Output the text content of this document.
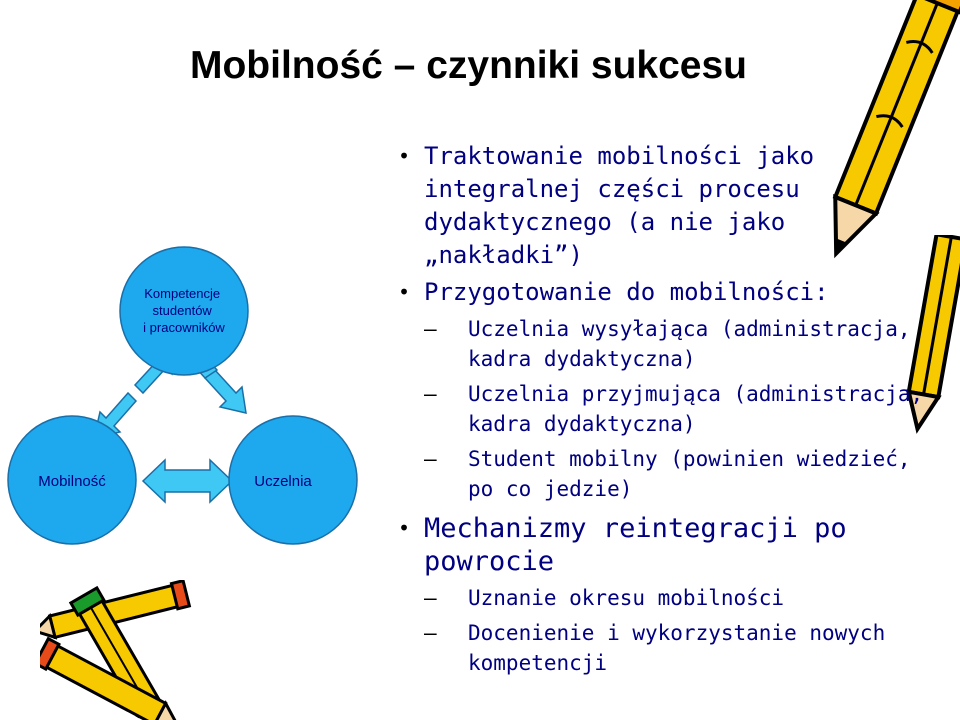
Mobilność – czynniki sukcesu
Kompetencje studentów i pracowników
Mobilność	Uczelnia
• Traktowanie mobilności jako integralnej części procesu dydaktycznego (a nie jako „nakładki”)
• Przygotowanie do mobilności:
–	Uczelnia wysyłająca (administracja, kadra dydaktyczna)
–	Uczelnia przyjmująca (administracja, kadra dydaktyczna)
–	Student mobilny (powinien wiedzieć, po co jedzie)
• Mechanizmy reintegracji po powrocie
–	Uznanie okresu mobilności
–	Docenienie i wykorzystanie nowych kompetencji
